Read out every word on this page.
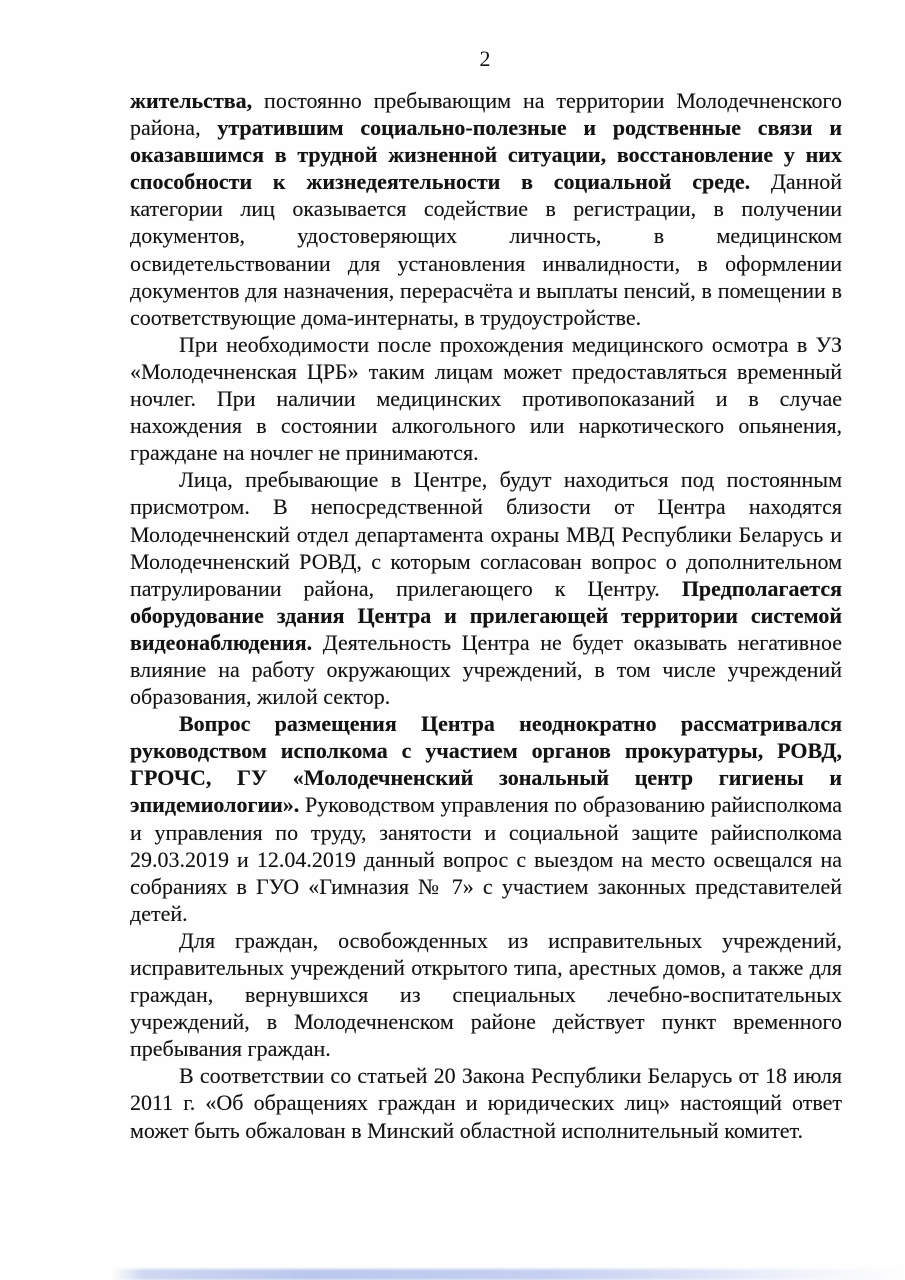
2

жительства, постоянно пребывающим на территории Молодечненского района, утратившим социально-полезные и родственные связи и оказавшимся в трудной жизненной ситуации, восстановление у них способности к жизнедеятельности в социальной среде. Данной категории лиц оказывается содействие в регистрации, в получении документов, удостоверяющих личность, в медицинском освидетельствовании для установления инвалидности, в оформлении документов для назначения, перерасчёта и выплаты пенсий, в помещении в соответствующие дома-интернаты, в трудоустройстве.

При необходимости после прохождения медицинского осмотра в УЗ «Молодечненская ЦРБ» таким лицам может предоставляться временный ночлег. При наличии медицинских противопоказаний и в случае нахождения в состоянии алкогольного или наркотического опьянения, граждане на ночлег не принимаются.

Лица, пребывающие в Центре, будут находиться под постоянным присмотром. В непосредственной близости от Центра находятся Молодечненский отдел департамента охраны МВД Республики Беларусь и Молодечненский РОВД, с которым согласован вопрос о дополнительном патрулировании района, прилегающего к Центру. Предполагается оборудование здания Центра и прилегающей территории системой видеонаблюдения. Деятельность Центра не будет оказывать негативное влияние на работу окружающих учреждений, в том числе учреждений образования, жилой сектор.

Вопрос размещения Центра неоднократно рассматривался руководством исполкома с участием органов прокуратуры, РОВД, ГРОЧС, ГУ «Молодечненский зональный центр гигиены и эпидемиологии». Руководством управления по образованию райисполкома и управления по труду, занятости и социальной защите райисполкома 29.03.2019 и 12.04.2019 данный вопрос с выездом на место освещался на собраниях в ГУО «Гимназия № 7» с участием законных представителей детей.

Для граждан, освобожденных из исправительных учреждений, исправительных учреждений открытого типа, арестных домов, а также для граждан, вернувшихся из специальных лечебно-воспитательных учреждений, в Молодечненском районе действует пункт временного пребывания граждан.

В соответствии со статьей 20 Закона Республики Беларусь от 18 июля 2011 г. «Об обращениях граждан и юридических лиц» настоящий ответ может быть обжалован в Минский областной исполнительный комитет.
